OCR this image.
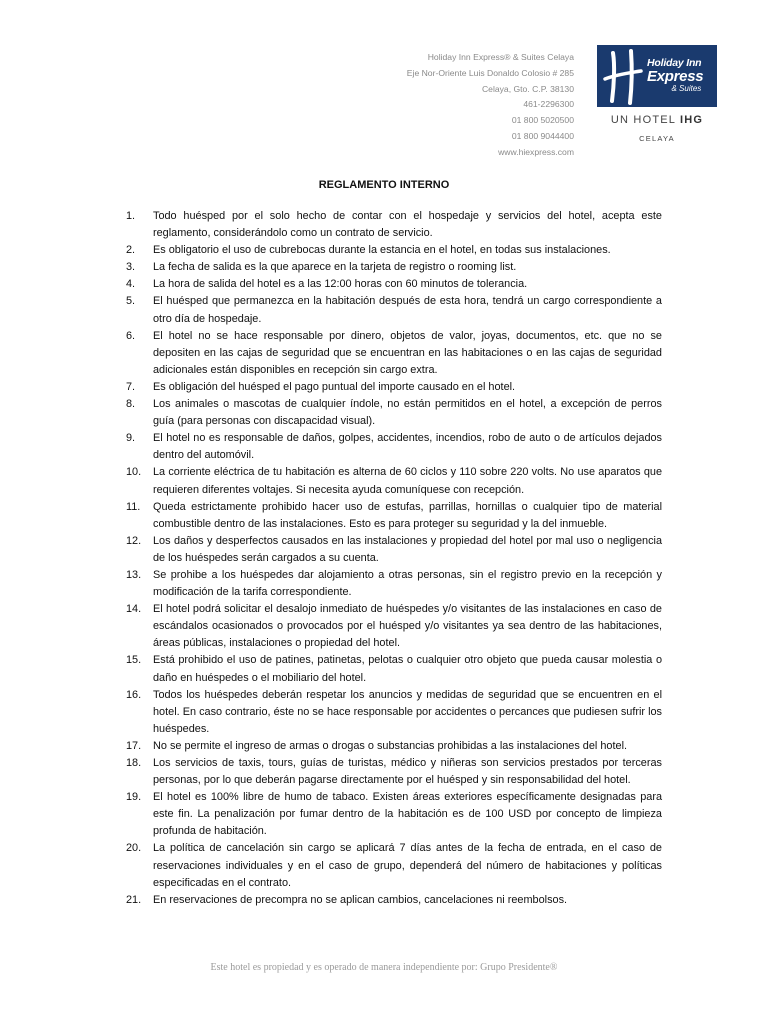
Holiday Inn Express® & Suites Celaya
Eje Nor-Oriente Luis Donaldo Colosio # 285
Celaya, Gto. C.P. 38130
461-2296300
01 800 5020500
01 800 9044400
www.hiexpress.com
Holiday Inn
Express
& Suites
UN HOTEL IHG
CELAYA
REGLAMENTO INTERNO
1.	Todo huésped por el solo hecho de contar con el hospedaje y servicios del hotel, acepta este reglamento, considerándolo como un contrato de servicio.
2.	Es obligatorio el uso de cubrebocas durante la estancia en el hotel, en todas sus instalaciones.
3.	La fecha de salida es la que aparece en la tarjeta de registro o rooming list.
4.	La hora de salida del hotel es a las 12:00 horas con 60 minutos de tolerancia.
5.	El huésped que permanezca en la habitación después de esta hora, tendrá un cargo correspondiente a otro día de hospedaje.
6.	El hotel no se hace responsable por dinero, objetos de valor, joyas, documentos, etc. que no se depositen en las cajas de seguridad que se encuentran en las habitaciones o en las cajas de seguridad adicionales están disponibles en recepción sin cargo extra.
7.	Es obligación del huésped el pago puntual del importe causado en el hotel.
8.	Los animales o mascotas de cualquier índole, no están permitidos en el hotel, a excepción de perros guía (para personas con discapacidad visual).
9.	El hotel no es responsable de daños, golpes, accidentes, incendios, robo de auto o de artículos dejados dentro del automóvil.
10.	La corriente eléctrica de tu habitación es alterna de 60 ciclos y 110 sobre 220 volts. No use aparatos que requieren diferentes voltajes. Si necesita ayuda comuníquese con recepción.
11.	Queda estrictamente prohibido hacer uso de estufas, parrillas, hornillas o cualquier tipo de material combustible dentro de las instalaciones. Esto es para proteger su seguridad y la del inmueble.
12.	Los daños y desperfectos causados en las instalaciones y propiedad del hotel por mal uso o negligencia de los huéspedes serán cargados a su cuenta.
13.	Se prohibe a los huéspedes dar alojamiento a otras personas, sin el registro previo en la recepción y modificación de la tarifa correspondiente.
14.	El hotel podrá solicitar el desalojo inmediato de huéspedes y/o visitantes de las instalaciones en caso de escándalos ocasionados o provocados por el huésped y/o visitantes ya sea dentro de las habitaciones, áreas públicas, instalaciones o propiedad del hotel.
15.	Está prohibido el uso de patines, patinetas, pelotas o cualquier otro objeto que pueda causar molestia o daño en huéspedes o el mobiliario del hotel.
16.	Todos los huéspedes deberán respetar los anuncios y medidas de seguridad que se encuentren en el hotel. En caso contrario, éste no se hace responsable por accidentes o percances que pudiesen sufrir los huéspedes.
17.	No se permite el ingreso de armas o drogas o substancias prohibidas a las instalaciones del hotel.
18.	Los servicios de taxis, tours, guías de turistas, médico y niñeras son servicios prestados por terceras personas, por lo que deberán pagarse directamente por el huésped y sin responsabilidad del hotel.
19.	El hotel es 100% libre de humo de tabaco. Existen áreas exteriores específicamente designadas para este fin. La penalización por fumar dentro de la habitación es de 100 USD por concepto de limpieza profunda de habitación.
20.	La política de cancelación sin cargo se aplicará 7 días antes de la fecha de entrada, en el caso de reservaciones individuales y en el caso de grupo, dependerá del número de habitaciones y políticas especificadas en el contrato.
21.	En reservaciones de precompra no se aplican cambios, cancelaciones ni reembolsos.
Este hotel es propiedad y es operado de manera independiente por: Grupo Presidente®
